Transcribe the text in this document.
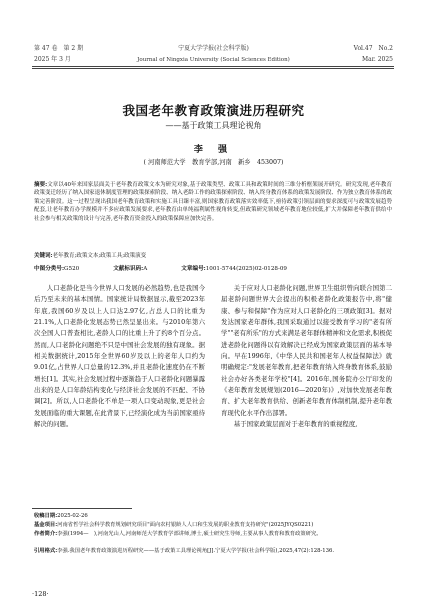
第 47 卷　第 2 期
2025 年 3 月
宁夏大学学报(社会科学版)
Journal of Ningxia University (Social Sciences Edition)
Vol.47　No.2
Mar. 2025
我国老年教育政策演进历程研究
——基于政策工具理论视角
李 强
( 河南师范大学　教育学部,河南　新乡　453007)
摘要:文章以40年来国家层面关于老年教育政策文本为研究对象,基于政策类型、政策工具和政策时间的三维分析框架展开研究。研究发现,老年教育政策变迁经历了纳入国家退休制度管理的政策探索阶段、纳入老龄工作的政策探索阶段、纳入终身教育体系的政策发展阶段、作为独立教育体系的政策完善阶段。这一过程呈现出我国老年教育政策和实施工具日臻丰富,则国家教育政策落实效率低下,亟待政策引领层面的要求深度可与政策发展趋势配套,让老年教育办学规模并不多应政策发展要求,老年教育由单纯福利属性视角转变,但政策研究领域老年教育地位较低,扩大并保障老年教育供给中社会参与相关政策的设计与完善,老年教育资金投入的政策保障应加快完善。
关键词:老年教育;政策文本;政策工具;政策演变
中图分类号:G520	文献标识码:A	文章编号:1001-5744(2025)02-0128-09

人口老龄化是当今世界人口发展的必然趋势,也是我国今后乃至未来的基本国情。国家统计局数据显示,截至2023年年底,我国60岁及以上人口达2.97亿,占总人口的比重为21.1%,人口老龄化发展态势已然呈显出来。与2010年第六次全国人口普查相比,老龄人口的比重上升了约8个百分点。然而,人口老龄化问题绝不只是中国社会发展的独有现象。据相关数据统计,2015年全世界60岁及以上的老年人口约为9.01亿,占世界人口总量的12.3%,并且老龄化速度仍在不断增长[1]。其实,社会发展过程中逐渐趋于人口老龄化问题暴露出来的是人口年龄结构变化与经济社会发展的不匹配、不协调[2]。所以,人口老龄化不单是一项人口变动现象,更是社会发展面临的重大课题,在此背景下,已经演化成为当前国家亟待解决的问题。

关于应对人口老龄化问题,世界卫生组织曾向联合国第二届老龄问题世界大会提出的积极老龄化政策报告中,将"健康、参与和保障"作为应对人口老龄化的三项政策[3]。据对发达国家老年群体,我国采取通过以接受教育学习的"老有所学""老有所乐"的方式来满足老年群体精神和文化需求,积极促进老龄化问题得以有效解决已经成为国家政策层面的基本导向。早在1996年,《中华人民共和国老年人权益保障法》就明确规定:"发展老年教育,把老年教育纳入终身教育体系,鼓励社会办好各类老年学校"[4]。2016年,国务院办公厅印发的《老年教育发展规划(2016—2020年)》,对加快发展老年教育、扩大老年教育供给、创新老年教育体制机制,提升老年教育现代化水平作出部署。

基于国家政策层面对于老年教育的重视程度,

收稿日期:2025-02-26
基金项目:河南省哲学社会科学教育规划研究项目"面向农村银龄人人口和生发展的职业教育支持研究"(2025JYQS0221)
作者简介:李强(1994—　),河南光山人,河南师范大学教育学部讲师,博士,硕士研究生导师,主要从事人教育和教育政策研究。
引用格式:李强.我国老年教育政策演进历程研究——基于政策工具理论视角[J].宁夏大学学报(社会科学版),2025,47(2):128-136.
·128·
